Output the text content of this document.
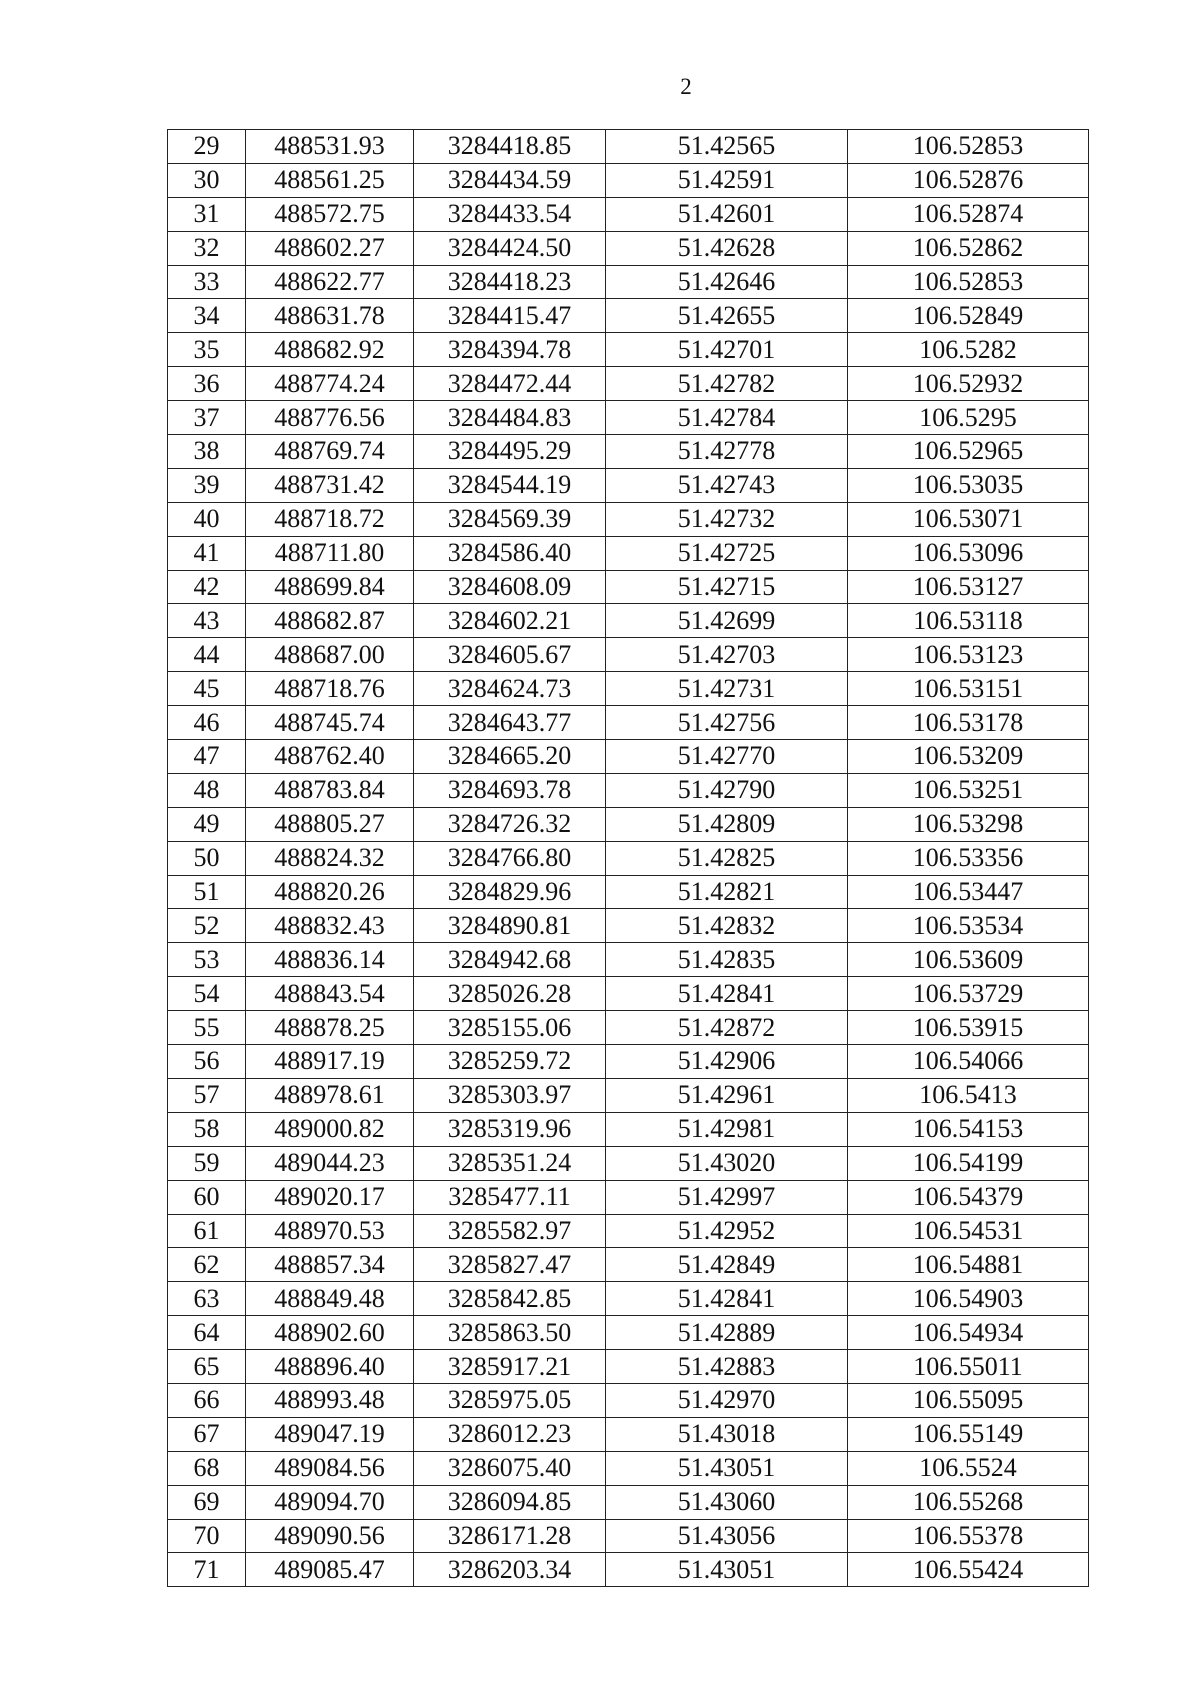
2
29	488531.93	3284418.85	51.42565	106.52853
30	488561.25	3284434.59	51.42591	106.52876
31	488572.75	3284433.54	51.42601	106.52874
32	488602.27	3284424.50	51.42628	106.52862
33	488622.77	3284418.23	51.42646	106.52853
34	488631.78	3284415.47	51.42655	106.52849
35	488682.92	3284394.78	51.42701	106.5282
36	488774.24	3284472.44	51.42782	106.52932
37	488776.56	3284484.83	51.42784	106.5295
38	488769.74	3284495.29	51.42778	106.52965
39	488731.42	3284544.19	51.42743	106.53035
40	488718.72	3284569.39	51.42732	106.53071
41	488711.80	3284586.40	51.42725	106.53096
42	488699.84	3284608.09	51.42715	106.53127
43	488682.87	3284602.21	51.42699	106.53118
44	488687.00	3284605.67	51.42703	106.53123
45	488718.76	3284624.73	51.42731	106.53151
46	488745.74	3284643.77	51.42756	106.53178
47	488762.40	3284665.20	51.42770	106.53209
48	488783.84	3284693.78	51.42790	106.53251
49	488805.27	3284726.32	51.42809	106.53298
50	488824.32	3284766.80	51.42825	106.53356
51	488820.26	3284829.96	51.42821	106.53447
52	488832.43	3284890.81	51.42832	106.53534
53	488836.14	3284942.68	51.42835	106.53609
54	488843.54	3285026.28	51.42841	106.53729
55	488878.25	3285155.06	51.42872	106.53915
56	488917.19	3285259.72	51.42906	106.54066
57	488978.61	3285303.97	51.42961	106.5413
58	489000.82	3285319.96	51.42981	106.54153
59	489044.23	3285351.24	51.43020	106.54199
60	489020.17	3285477.11	51.42997	106.54379
61	488970.53	3285582.97	51.42952	106.54531
62	488857.34	3285827.47	51.42849	106.54881
63	488849.48	3285842.85	51.42841	106.54903
64	488902.60	3285863.50	51.42889	106.54934
65	488896.40	3285917.21	51.42883	106.55011
66	488993.48	3285975.05	51.42970	106.55095
67	489047.19	3286012.23	51.43018	106.55149
68	489084.56	3286075.40	51.43051	106.5524
69	489094.70	3286094.85	51.43060	106.55268
70	489090.56	3286171.28	51.43056	106.55378
71	489085.47	3286203.34	51.43051	106.55424
